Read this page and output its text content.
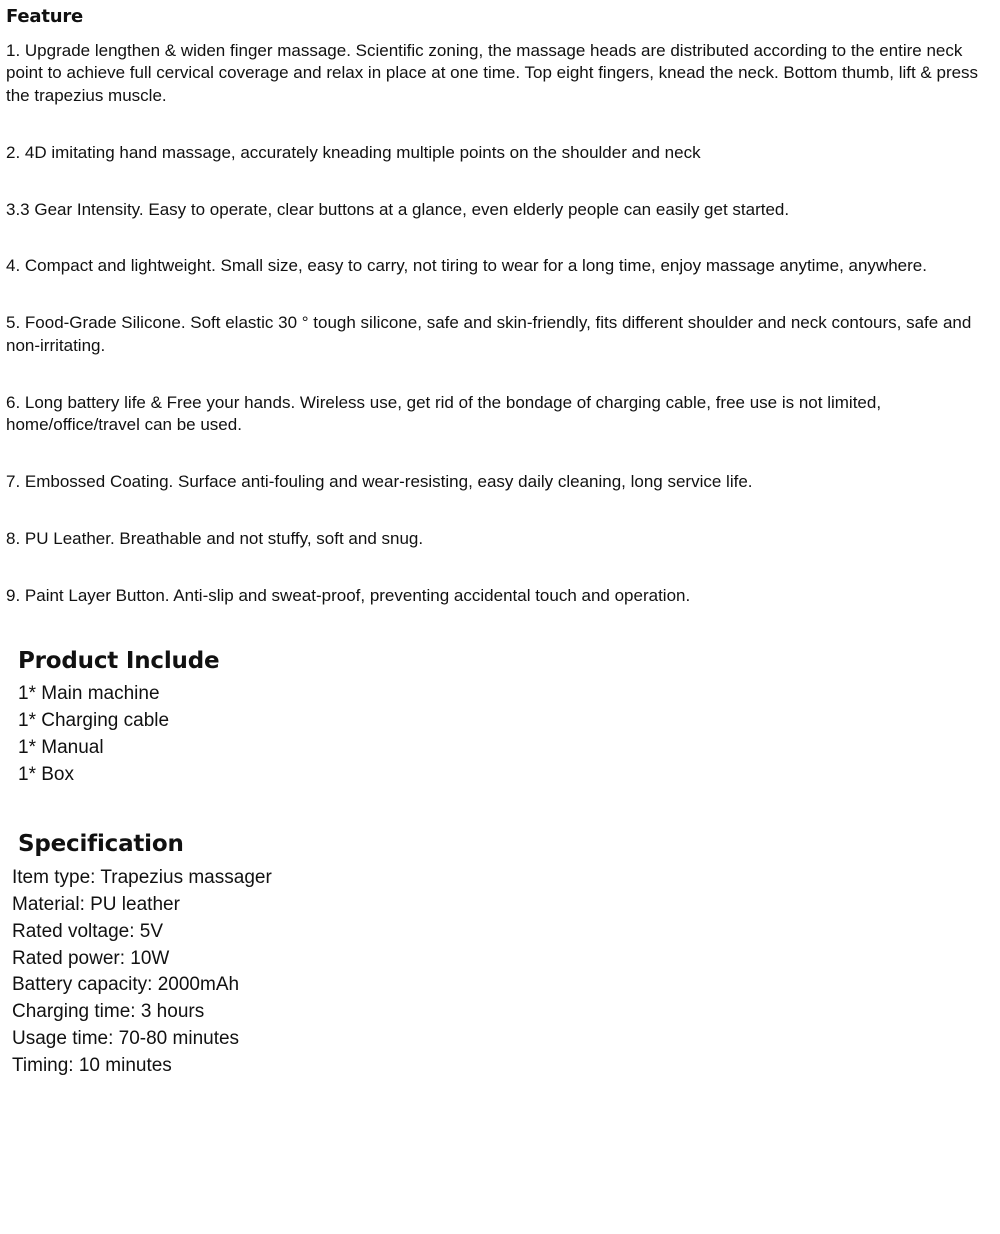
Feature
1. Upgrade lengthen & widen finger massage. Scientific zoning, the massage heads are distributed according to the entire neck point to achieve full cervical coverage and relax in place at one time. Top eight fingers, knead the neck. Bottom thumb, lift & press the trapezius muscle.
2. 4D imitating hand massage, accurately kneading multiple points on the shoulder and neck
3.3 Gear Intensity. Easy to operate, clear buttons at a glance, even elderly people can easily get started.
4. Compact and lightweight. Small size, easy to carry, not tiring to wear for a long time, enjoy massage anytime, anywhere.
5. Food-Grade Silicone. Soft elastic 30 ° tough silicone, safe and skin-friendly, fits different shoulder and neck contours, safe and non-irritating.
6. Long battery life & Free your hands. Wireless use, get rid of the bondage of charging cable, free use is not limited, home/office/travel can be used.
7. Embossed Coating. Surface anti-fouling and wear-resisting, easy daily cleaning, long service life.
8. PU Leather. Breathable and not stuffy, soft and snug.
9. Paint Layer Button. Anti-slip and sweat-proof, preventing accidental touch and operation.
Product Include
1* Main machine
1* Charging cable
1* Manual
1* Box
Specification
Item type: Trapezius massager
Material: PU leather
Rated voltage: 5V
Rated power: 10W
Battery capacity: 2000mAh
Charging time: 3 hours
Usage time: 70-80 minutes
Timing: 10 minutes
